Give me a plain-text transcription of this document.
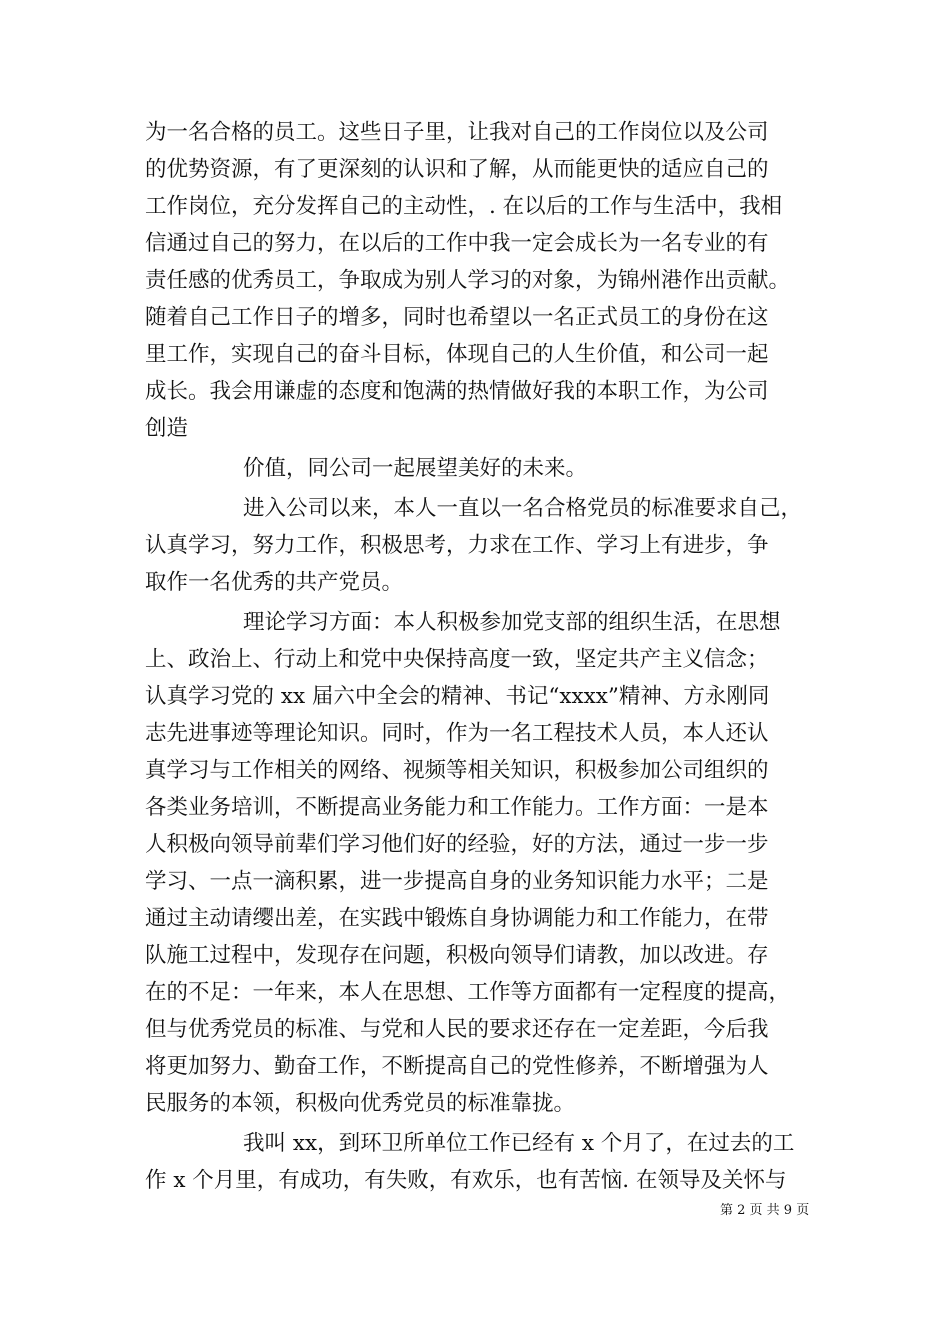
为一名合格的员工。这些日子里，让我对自己的工作岗位以及公司
的优势资源，有了更深刻的认识和了解，从而能更快的适应自己的
工作岗位，充分发挥自己的主动性，. 在以后的工作与生活中，我相
信通过自己的努力，在以后的工作中我一定会成长为一名专业的有
责任感的优秀员工，争取成为别人学习的对象，为锦州港作出贡献。
随着自己工作日子的增多，同时也希望以一名正式员工的身份在这
里工作，实现自己的奋斗目标，体现自己的人生价值，和公司一起
成长。我会用谦虚的态度和饱满的热情做好我的本职工作，为公司
创造
价值，同公司一起展望美好的未来。
进入公司以来，本人一直以一名合格党员的标准要求自己，
认真学习，努力工作，积极思考，力求在工作、学习上有进步，争
取作一名优秀的共产党员。
理论学习方面：本人积极参加党支部的组织生活，在思想
上、政治上、行动上和党中央保持高度一致，坚定共产主义信念；
认真学习党的 xx 届六中全会的精神、书记“xxxx”精神、方永刚同
志先进事迹等理论知识。同时，作为一名工程技术人员，本人还认
真学习与工作相关的网络、视频等相关知识，积极参加公司组织的
各类业务培训，不断提高业务能力和工作能力。工作方面：一是本
人积极向领导前辈们学习他们好的经验，好的方法，通过一步一步
学习、一点一滴积累，进一步提高自身的业务知识能力水平；二是
通过主动请缨出差，在实践中锻炼自身协调能力和工作能力，在带
队施工过程中，发现存在问题，积极向领导们请教，加以改进。存
在的不足：一年来，本人在思想、工作等方面都有一定程度的提高，
但与优秀党员的标准、与党和人民的要求还存在一定差距，今后我
将更加努力、勤奋工作，不断提高自己的党性修养，不断增强为人
民服务的本领，积极向优秀党员的标准靠拢。
我叫 xx，到环卫所单位工作已经有 x 个月了，在过去的工
作 x 个月里，有成功，有失败，有欢乐，也有苦恼. 在领导及关怀与
第 2 页 共 9 页
